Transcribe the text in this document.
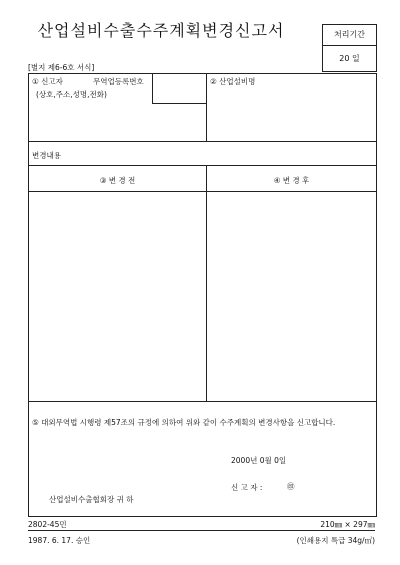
산업설비수출수주계획변경신고서	처리기간
20 일
[별지 제6-6호 서식]
① 신고자	무역업등록번호
(상호,주소,성명,전화)
② 산업설비명
변경내용
③ 변 경 전	④ 변 경 후
⑤ 대외무역법 시행령 제57조의 규정에 의하여 위와 같이 수주계획의 변경사항을 신고합니다.
2000년 0월 0일
신 고 자 :	㊞
산업설비수출협회장 귀 하
2802-45민	210㎜ × 297㎜
1987. 6. 17. 승인	(인쇄용지 특급 34g/㎡)
